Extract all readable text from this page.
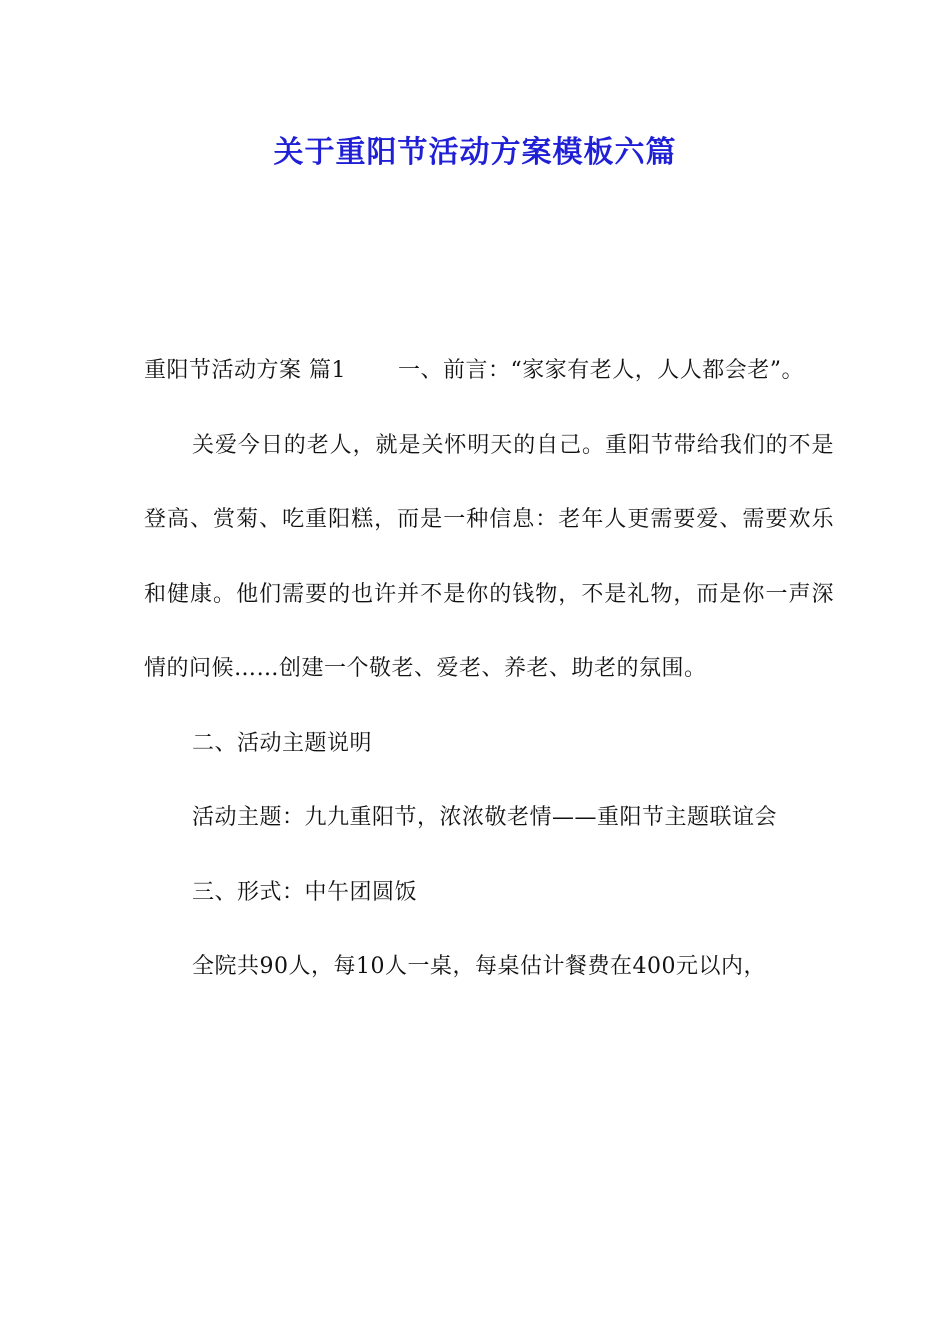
关于重阳节活动方案模板六篇

重阳节活动方案 篇1 一、前言：“家家有老人，人人都会老”。

关爱今日的老人，就是关怀明天的自己。重阳节带给我们的不是登高、赏菊、吃重阳糕，而是一种信息：老年人更需要爱、需要欢乐和健康。他们需要的也许并不是你的钱物，不是礼物，而是你一声深情的问候……创建一个敬老、爱老、养老、助老的氛围。

二、活动主题说明

活动主题：九九重阳节，浓浓敬老情——重阳节主题联谊会

三、形式：中午团圆饭

全院共90人，每10人一桌，每桌估计餐费在400元以内，
